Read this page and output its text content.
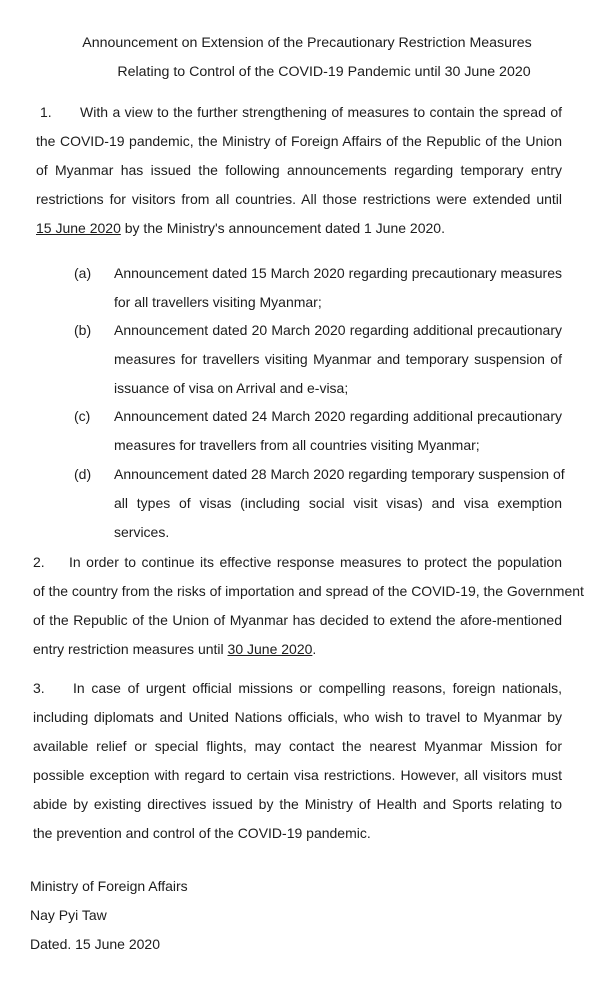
Announcement on Extension of the Precautionary Restriction Measures
Relating to Control of the COVID-19 Pandemic until 30 June 2020
1. With a view to the further strengthening of measures to contain the spread of
the COVID-19 pandemic, the Ministry of Foreign Affairs of the Republic of the Union
of Myanmar has issued the following announcements regarding temporary entry
restrictions for visitors from all countries. All those restrictions were extended until
15 June 2020 by the Ministry's announcement dated 1 June 2020.
(a)	Announcement dated 15 March 2020 regarding precautionary measures
for all travellers visiting Myanmar;
(b)	Announcement dated 20 March 2020 regarding additional precautionary
measures for travellers visiting Myanmar and temporary suspension of
issuance of visa on Arrival and e-visa;
(c)	Announcement dated 24 March 2020 regarding additional precautionary
measures for travellers from all countries visiting Myanmar;
(d)	Announcement dated 28 March 2020 regarding temporary suspension of
all types of visas (including social visit visas) and visa exemption
services.
2. In order to continue its effective response measures to protect the population
of the country from the risks of importation and spread of the COVID-19, the Government
of the Republic of the Union of Myanmar has decided to extend the afore-mentioned
entry restriction measures until 30 June 2020.
3. In case of urgent official missions or compelling reasons, foreign nationals,
including diplomats and United Nations officials, who wish to travel to Myanmar by
available relief or special flights, may contact the nearest Myanmar Mission for
possible exception with regard to certain visa restrictions. However, all visitors must
abide by existing directives issued by the Ministry of Health and Sports relating to
the prevention and control of the COVID-19 pandemic.
Ministry of Foreign Affairs
Nay Pyi Taw
Dated. 15 June 2020
